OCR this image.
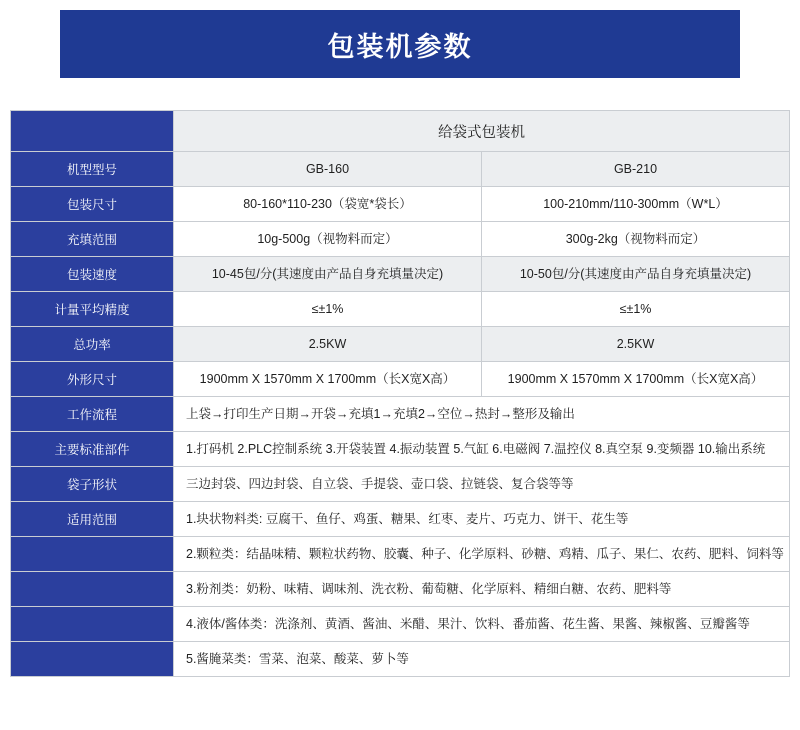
包装机参数
	给袋式包装机	
机型型号	GB-160	GB-210
包装尺寸	80-160*110-230（袋宽*袋长）	100-210mm/110-300mm（W*L）
充填范围	10g-500g（视物料而定）	300g-2kg（视物料而定）
包装速度	10-45包/分(其速度由产品自身充填量决定)	10-50包/分(其速度由产品自身充填量决定)
计量平均精度	≤±1%	≤±1%
总功率	2.5KW	2.5KW
外形尺寸	1900mm X 1570mm X 1700mm（长X宽X高）	1900mm X 1570mm X 1700mm（长X宽X高）
工作流程	上袋→打印生产日期→开袋→充填1→充填2→空位→热封→整形及输出	
主要标准部件	1.打码机 2.PLC控制系统 3.开袋装置 4.振动装置 5.气缸 6.电磁阀 7.温控仪 8.真空泵 9.变频器 10.输出系统	
袋子形状	三边封袋、四边封袋、自立袋、手提袋、壶口袋、拉链袋、复合袋等等	
适用范围	1.块状物料类: 豆腐干、鱼仔、鸡蛋、糖果、红枣、麦片、巧克力、饼干、花生等	
	2.颗粒类：结晶味精、颗粒状药物、胶囊、种子、化学原料、砂糖、鸡精、瓜子、果仁、农药、肥料、饲料等	
	3.粉剂类：奶粉、味精、调味剂、洗衣粉、葡萄糖、化学原料、精细白糖、农药、肥料等	
	4.液体/酱体类：洗涤剂、黄酒、酱油、米醋、果汁、饮料、番茄酱、花生酱、果酱、辣椒酱、豆瓣酱等	
	5.酱腌菜类：雪菜、泡菜、酸菜、萝卜等	
